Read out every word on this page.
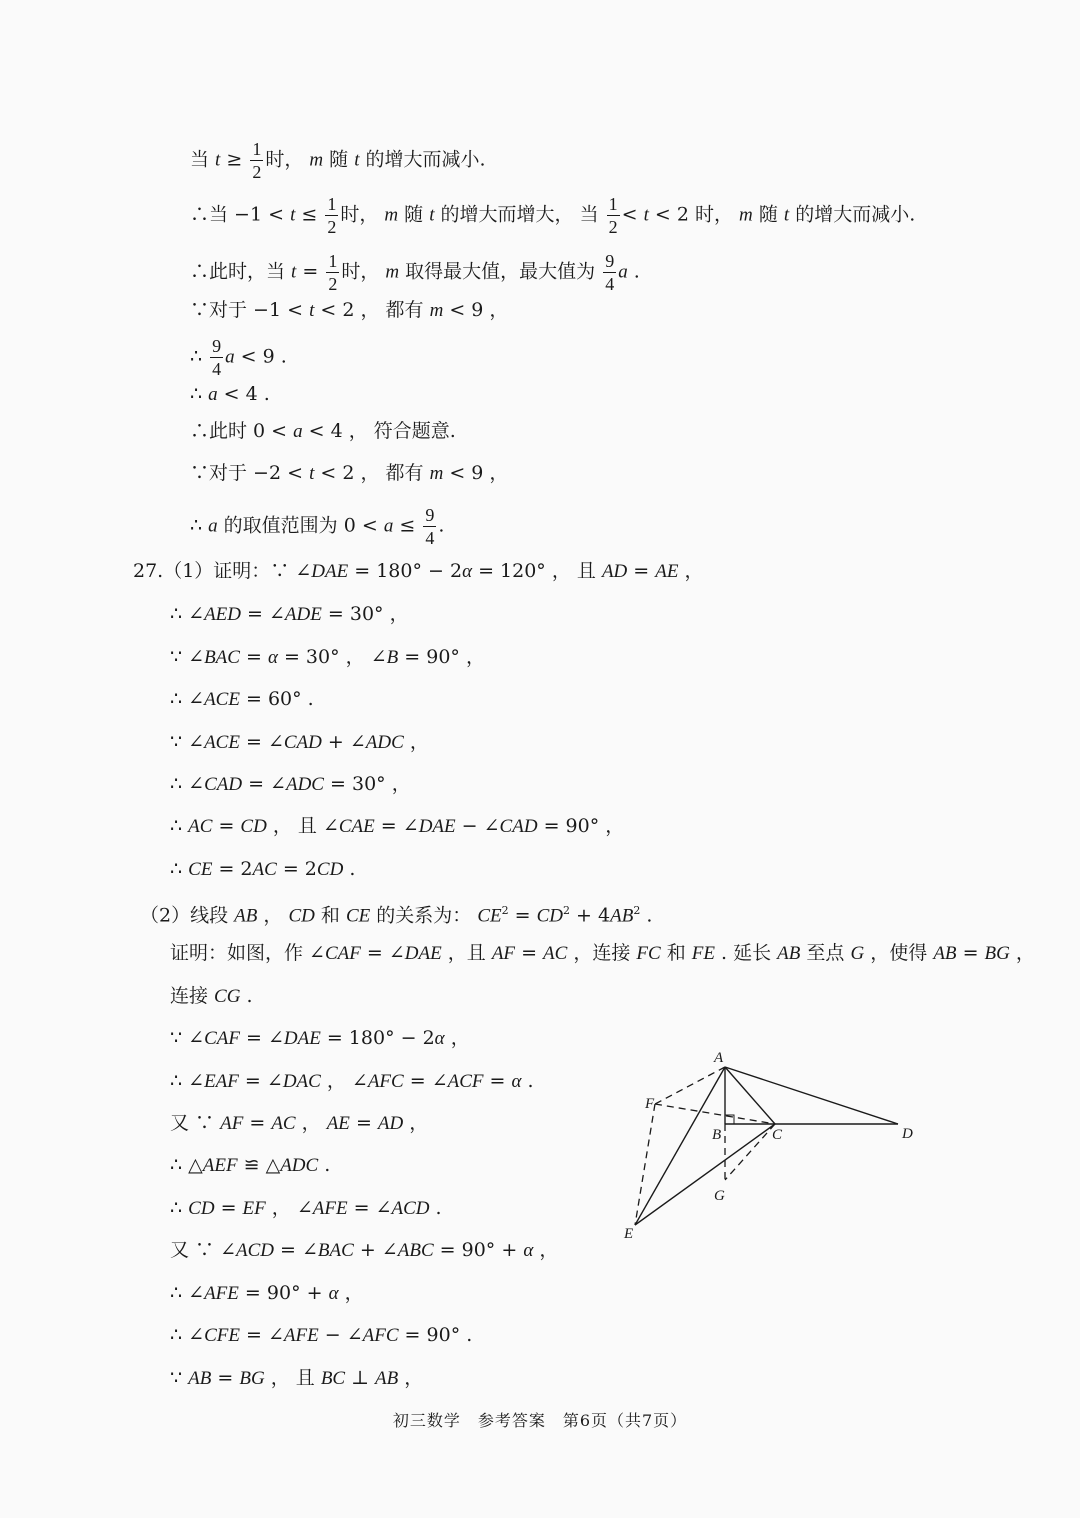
当 $t \ge \frac{1}{2}$ 时， m 随 t 的增大而减小.
∴当 $-1 < t \le \frac{1}{2}$ 时， m 随 t 的增大而增大， 当 $\frac{1}{2} < t < 2$ 时， m 随 t 的增大而减小.
∴此时，当 $t = \frac{1}{2}$ 时， m 取得最大值，最大值为 $\frac{9}{4}$ a .
∵对于 −1 < t < 2 ， 都有 m < 9 ，
∴ $\frac{9}{4}$ a < 9 .
∴ a < 4 .
∴此时 0 < a < 4 ， 符合题意.
∵对于 −2 < t < 2 ， 都有 m < 9 ，
∴ a 的取值范围为 $0 < a \le \frac{9}{4}$ .
27.（1）证明：∵ ∠DAE = 180° − 2α = 120° ， 且 AD = AE ，
∴ ∠AED = ∠ADE = 30° ，
∵ ∠BAC = α = 30° ， ∠B = 90° ，
∴ ∠ACE = 60° .
∵ ∠ACE = ∠CAD + ∠ADC ，
∴ ∠CAD = ∠ADC = 30° ，
∴ AC = CD ， 且 ∠CAE = ∠DAE − ∠CAD = 90° ，
∴ CE = 2AC = 2CD .
（2）线段 AB ， CD 和 CE 的关系为： $CE^2 = CD^2 + 4AB^2$ .
证明：如图，作 ∠CAF = ∠DAE ，且 AF = AC ，连接 FC 和 FE . 延长 AB 至点 G ，使得 AB = BG ，
连接 CG .
∵ ∠CAF = ∠DAE = 180° − 2α ，
∴ ∠EAF = ∠DAC ， ∠AFC = ∠ACF = α .
又 ∵ AF = AC ， AE = AD ，
∴ △AEF ≌ △ADC .
∴ CD = EF ， ∠AFE = ∠ACD .
又 ∵ ∠ACD = ∠BAC + ∠ABC = 90° + α ，
∴ ∠AFE = 90° + α ，
∴ ∠CFE = ∠AFE − ∠AFC = 90° .
∵ AB = BG ， 且 BC ⊥ AB ，
A
F
B	C	D
G
E
初三数学　参考答案　第6页（共7页）
